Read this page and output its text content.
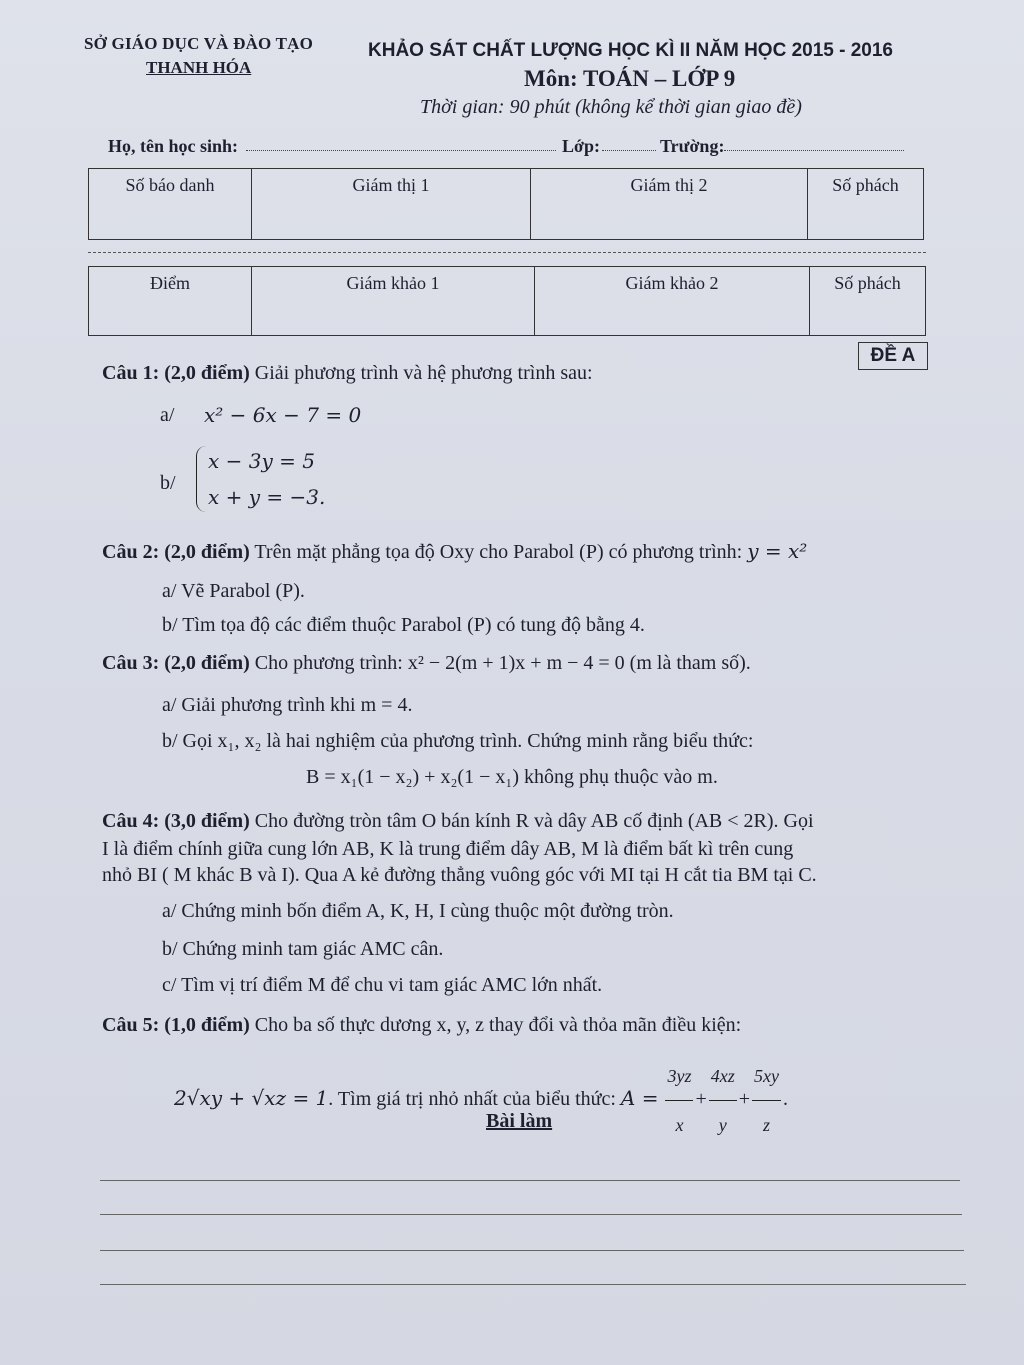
SỞ GIÁO DỤC VÀ ĐÀO TẠO
THANH HÓA
KHẢO SÁT CHẤT LƯỢNG HỌC KÌ II NĂM HỌC 2015 - 2016
Môn: TOÁN – LỚP 9
Thời gian: 90 phút (không kể thời gian giao đề)
Họ, tên học sinh:	Lớp:	Trường:
Số báo danh	Giám thị 1	Giám thị 2	Số phách
Điểm	Giám khảo 1	Giám khảo 2	Số phách
ĐỀ A
Câu 1: (2,0 điểm) Giải phương trình và hệ phương trình sau:
a/ x² − 6x − 7 = 0
b/
x − 3y = 5
x + y = −3.
Câu 2: (2,0 điểm) Trên mặt phẳng tọa độ Oxy cho Parabol (P) có phương trình: y = x²
a/ Vẽ Parabol (P).
b/ Tìm tọa độ các điểm thuộc Parabol (P) có tung độ bằng 4.
Câu 3: (2,0 điểm) Cho phương trình: x² − 2(m + 1)x + m − 4 = 0 (m là tham số).
a/ Giải phương trình khi m = 4.
b/ Gọi x₁, x₂ là hai nghiệm của phương trình. Chứng minh rằng biểu thức:
B = x₁(1 − x₂) + x₂(1 − x₁) không phụ thuộc vào m.
Câu 4: (3,0 điểm) Cho đường tròn tâm O bán kính R và dây AB cố định (AB < 2R). Gọi
I là điểm chính giữa cung lớn AB, K là trung điểm dây AB, M là điểm bất kì trên cung
nhỏ BI ( M khác B và I). Qua A kẻ đường thẳng vuông góc với MI tại H cắt tia BM tại C.
a/ Chứng minh bốn điểm A, K, H, I cùng thuộc một đường tròn.
b/ Chứng minh tam giác AMC cân.
c/ Tìm vị trí điểm M để chu vi tam giác AMC lớn nhất.
Câu 5: (1,0 điểm) Cho ba số thực dương x, y, z thay đổi và thỏa mãn điều kiện:
2√xy + √xz = 1. Tìm giá trị nhỏ nhất của biểu thức: $A = \frac{3yz}{x} + \frac{4xz}{y} + \frac{5xy}{z}$ .
Bài làm
